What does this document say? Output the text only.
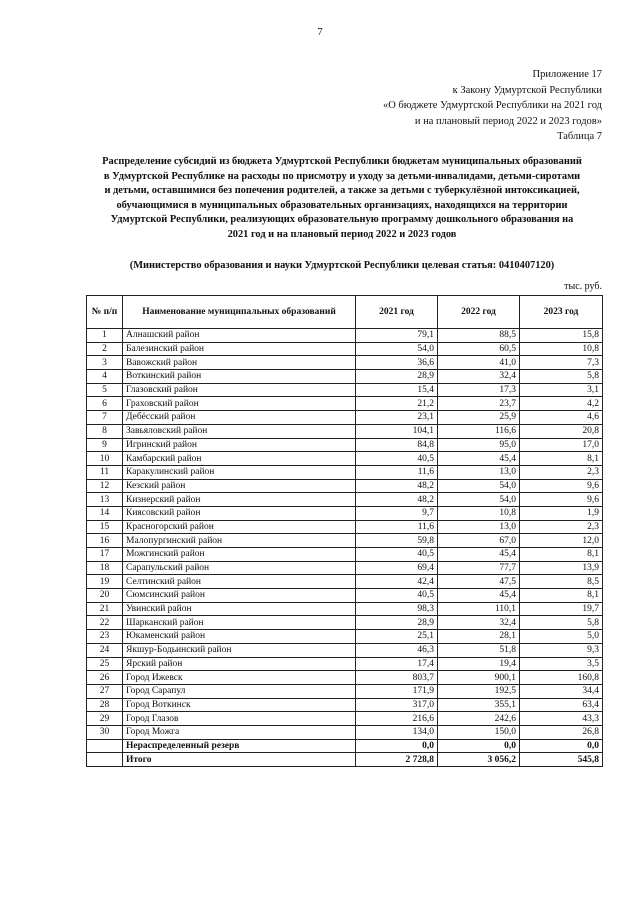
7
Приложение 17
к Закону Удмуртской Республики
«О бюджете Удмуртской Республики на 2021 год
и на плановый период 2022 и 2023 годов»
Таблица 7
Распределение субсидий из бюджета Удмуртской Республики бюджетам муниципальных образований
в Удмуртской Республике на расходы по присмотру и уходу за детьми-инвалидами, детьми-сиротами
и детьми, оставшимися без попечения родителей, а также за детьми с туберкулёзной интоксикацией,
обучающимися в муниципальных образовательных организациях, находящихся на территории
Удмуртской Республики, реализующих образовательную программу дошкольного образования на
2021 год и на плановый период 2022 и 2023 годов
(Министерство образования и науки Удмуртской Республики целевая статья: 0410407120)
тыс. руб.
№ п/п	Наименование муниципальных образований	2021 год	2022 год	2023 год
1	Алнашский район	79,1	88,5	15,8
2	Балезинский район	54,0	60,5	10,8
3	Вавожский район	36,6	41,0	7,3
4	Воткинский район	28,9	32,4	5,8
5	Глазовский район	15,4	17,3	3,1
6	Граховский район	21,2	23,7	4,2
7	Дебёсский район	23,1	25,9	4,6
8	Завьяловский район	104,1	116,6	20,8
9	Игринский район	84,8	95,0	17,0
10	Камбарский район	40,5	45,4	8,1
11	Каракулинский район	11,6	13,0	2,3
12	Кезский район	48,2	54,0	9,6
13	Кизнерский район	48,2	54,0	9,6
14	Киясовский район	9,7	10,8	1,9
15	Красногорский район	11,6	13,0	2,3
16	Малопургинский район	59,8	67,0	12,0
17	Можгинский район	40,5	45,4	8,1
18	Сарапульский район	69,4	77,7	13,9
19	Селтинский район	42,4	47,5	8,5
20	Сюмсинский район	40,5	45,4	8,1
21	Увинский район	98,3	110,1	19,7
22	Шарканский район	28,9	32,4	5,8
23	Юкаменский район	25,1	28,1	5,0
24	Якшур-Бодьинский район	46,3	51,8	9,3
25	Ярский район	17,4	19,4	3,5
26	Город Ижевск	803,7	900,1	160,8
27	Город Сарапул	171,9	192,5	34,4
28	Город Воткинск	317,0	355,1	63,4
29	Город Глазов	216,6	242,6	43,3
30	Город Можга	134,0	150,0	26,8
	Нераспределенный резерв	0,0	0,0	0,0
	Итого	2 728,8	3 056,2	545,8
